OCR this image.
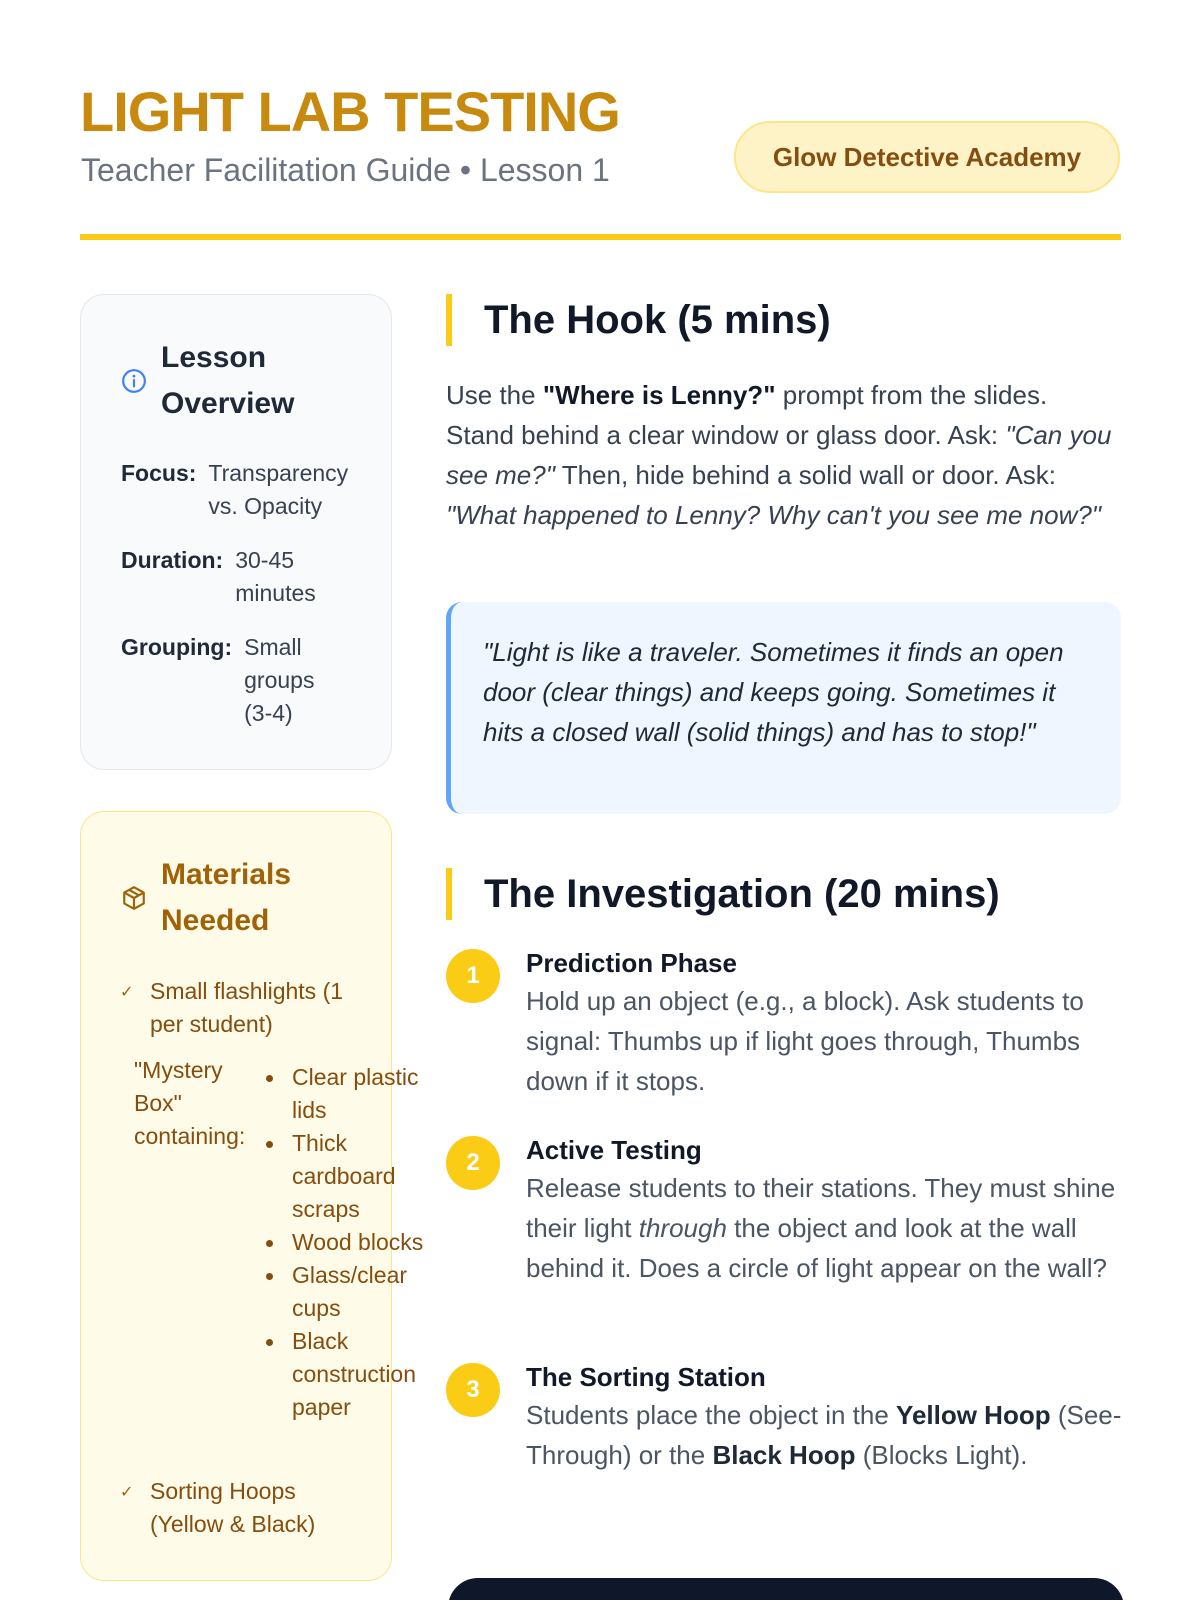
LIGHT LAB TESTING
Teacher Facilitation Guide • Lesson 1	Glow Detective Academy
Lesson Overview
Focus: Transparency vs. Opacity
Duration: 30-45 minutes
Grouping: Small groups (3-4)
Materials Needed
✓ Small flashlights (1 per student)
"Mystery Box" containing:
Clear plastic lids
Thick cardboard scraps
Wood blocks
Glass/clear cups
Black construction paper
✓ Sorting Hoops (Yellow & Black)
The Hook (5 mins)

Use the "Where is Lenny?" prompt from the slides. Stand behind a clear window or glass door. Ask: "Can you see me?" Then, hide behind a solid wall or door. Ask: "What happened to Lenny? Why can't you see me now?"

"Light is like a traveler. Sometimes it finds an open door (clear things) and keeps going. Sometimes it hits a closed wall (solid things) and has to stop!"
The Investigation (20 mins)
1	Prediction Phase
Hold up an object (e.g., a block). Ask students to signal: Thumbs up if light goes through, Thumbs down if it stops.
2	Active Testing
Release students to their stations. They must shine their light through the object and look at the wall behind it. Does a circle of light appear on the wall?
3	The Sorting Station
Students place the object in the Yellow Hoop (See-Through) or the Black Hoop (Blocks Light).
